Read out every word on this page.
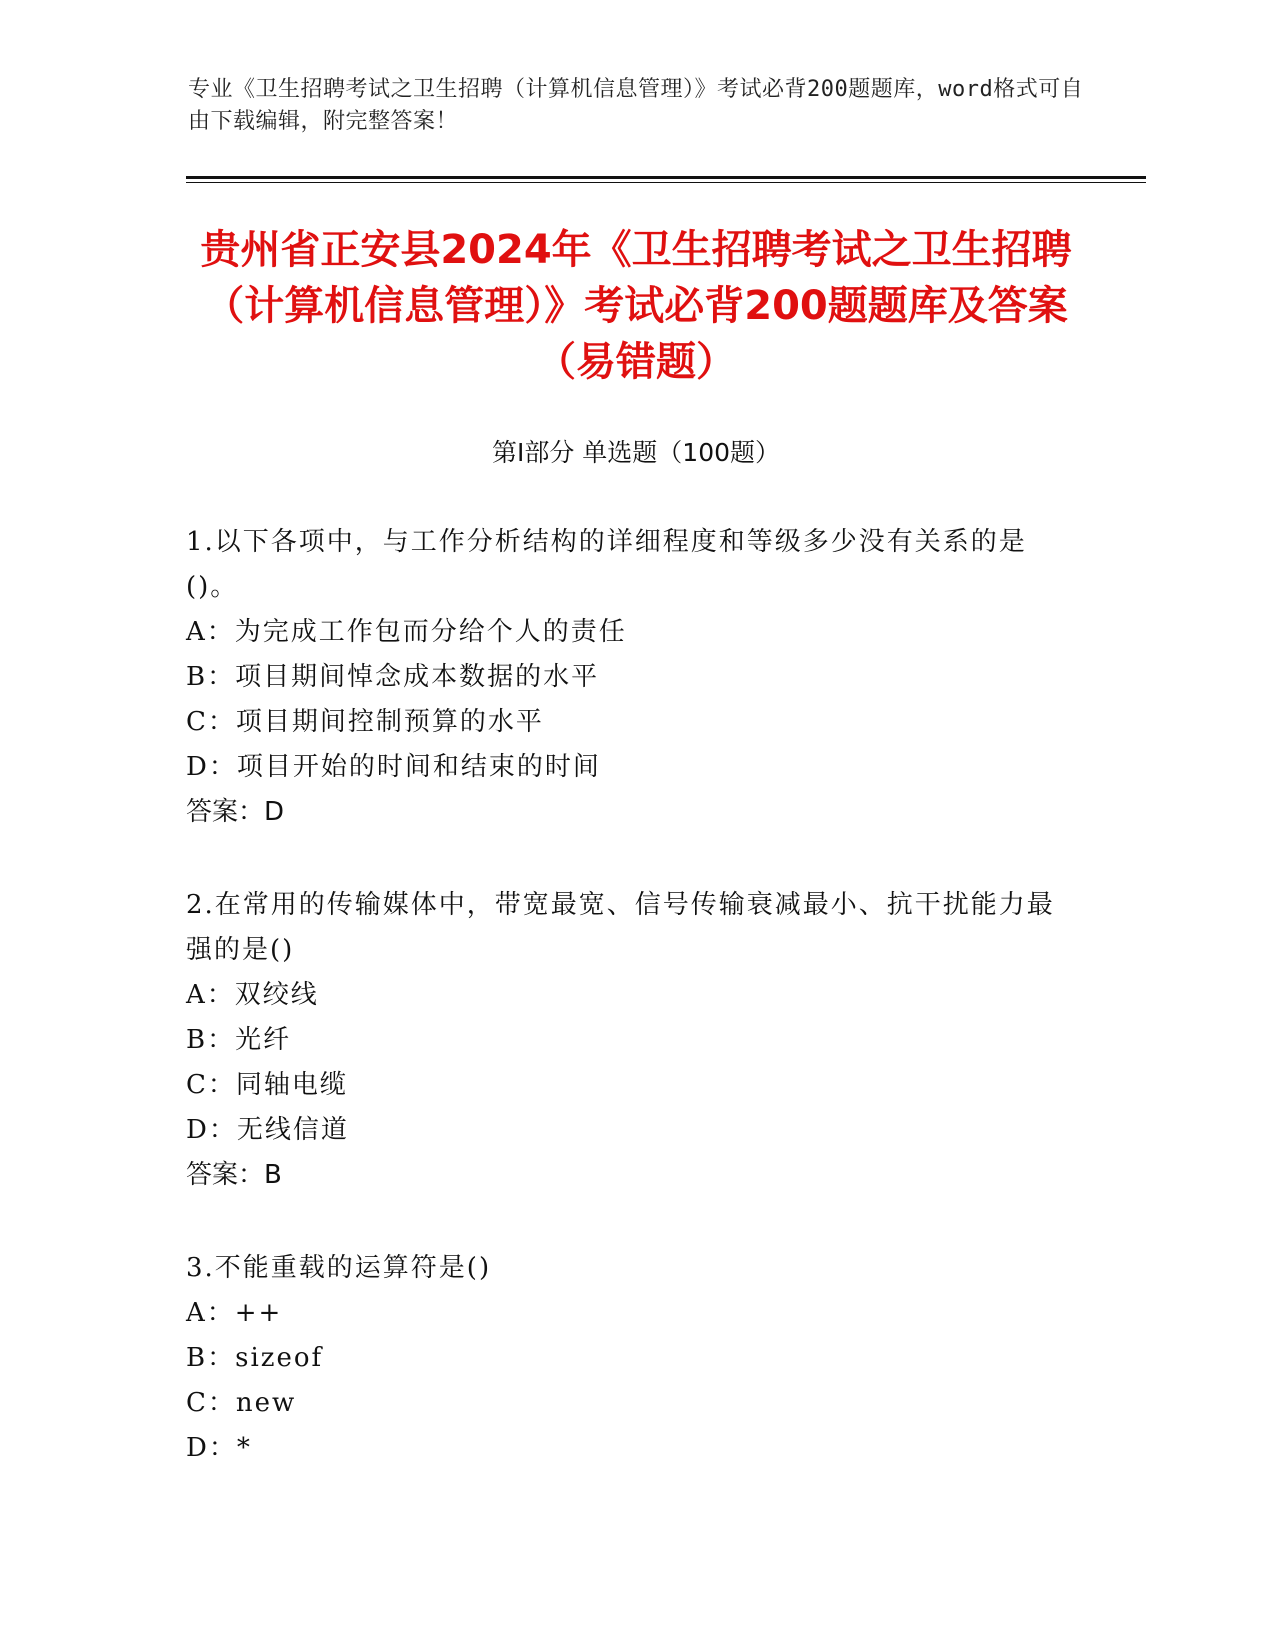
专业《卫生招聘考试之卫生招聘（计算机信息管理）》考试必背200题题库，word格式可自由下载编辑，附完整答案！
贵州省正安县2024年《卫生招聘考试之卫生招聘（计算机信息管理）》考试必背200题题库及答案（易错题）
第Ⅰ部分 单选题（100题）
1.以下各项中，与工作分析结构的详细程度和等级多少没有关系的是()。
A：为完成工作包而分给个人的责任
B：项目期间悼念成本数据的水平
C：项目期间控制预算的水平
D：项目开始的时间和结束的时间
答案：D
2.在常用的传输媒体中，带宽最宽、信号传输衰减最小、抗干扰能力最强的是()
A：双绞线
B：光纤
C：同轴电缆
D：无线信道
答案：B
3.不能重载的运算符是()
A：++
B：sizeof
C：new
D：*
